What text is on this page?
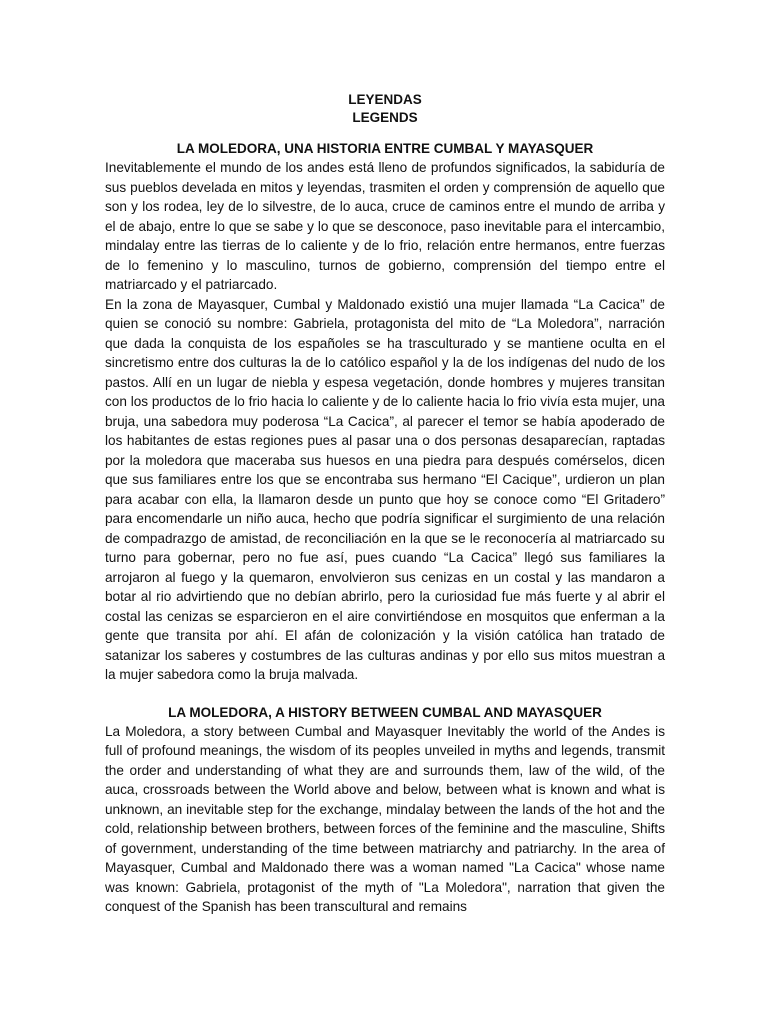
LEYENDAS

LEGENDS

LA MOLEDORA, UNA HISTORIA ENTRE CUMBAL Y MAYASQUER

Inevitablemente el mundo de los andes está lleno de profundos significados, la sabiduría de sus pueblos develada en mitos y leyendas, trasmiten el orden y comprensión de aquello que son y los rodea, ley de lo silvestre, de lo auca, cruce de caminos entre el mundo de arriba y el de abajo, entre lo que se sabe y lo que se desconoce, paso inevitable para el intercambio, mindalay entre las tierras de lo caliente y de lo frio, relación entre hermanos, entre fuerzas de lo femenino y lo masculino, turnos de gobierno, comprensión del tiempo entre el matriarcado y el patriarcado.

En la zona de Mayasquer, Cumbal y Maldonado existió una mujer llamada “La Cacica” de quien se conoció su nombre: Gabriela, protagonista del mito de “La Moledora”, narración que dada la conquista de los españoles se ha trasculturado y se mantiene oculta en el sincretismo entre dos culturas la de lo católico español y la de los indígenas del nudo de los pastos. Allí en un lugar de niebla y espesa vegetación, donde hombres y mujeres transitan con los productos de lo frio hacia lo caliente y de lo caliente hacia lo frio vivía esta mujer, una bruja, una sabedora muy poderosa “La Cacica”, al parecer el temor se había apoderado de los habitantes de estas regiones pues al pasar una o dos personas desaparecían, raptadas por la moledora que maceraba sus huesos en una piedra para después comérselos, dicen que sus familiares entre los que se encontraba sus hermano “El Cacique”, urdieron un plan para acabar con ella, la llamaron desde un punto que hoy se conoce como “El Gritadero” para encomendarle un niño auca, hecho que podría significar el surgimiento de una relación de compadrazgo de amistad, de reconciliación en la que se le reconocería al matriarcado su turno para gobernar, pero no fue así, pues cuando “La Cacica” llegó sus familiares la arrojaron al fuego y la quemaron, envolvieron sus cenizas en un costal y las mandaron a botar al rio advirtiendo que no debían abrirlo, pero la curiosidad fue más fuerte y al abrir el costal las cenizas se esparcieron en el aire convirtiéndose en mosquitos que enferman a la gente que transita por ahí. El afán de colonización y la visión católica han tratado de satanizar los saberes y costumbres de las culturas andinas y por ello sus mitos muestran a la mujer sabedora como la bruja malvada.

LA MOLEDORA, A HISTORY BETWEEN CUMBAL AND MAYASQUER

La Moledora, a story between Cumbal and Mayasquer Inevitably the world of the Andes is full of profound meanings, the wisdom of its peoples unveiled in myths and legends, transmit the order and understanding of what they are and surrounds them, law of the wild, of the auca, crossroads between the World above and below, between what is known and what is unknown, an inevitable step for the exchange, mindalay between the lands of the hot and the cold, relationship between brothers, between forces of the feminine and the masculine, Shifts of government, understanding of the time between matriarchy and patriarchy. In the area of Mayasquer, Cumbal and Maldonado there was a woman named "La Cacica" whose name was known: Gabriela, protagonist of the myth of "La Moledora", narration that given the conquest of the Spanish has been transcultural and remains
